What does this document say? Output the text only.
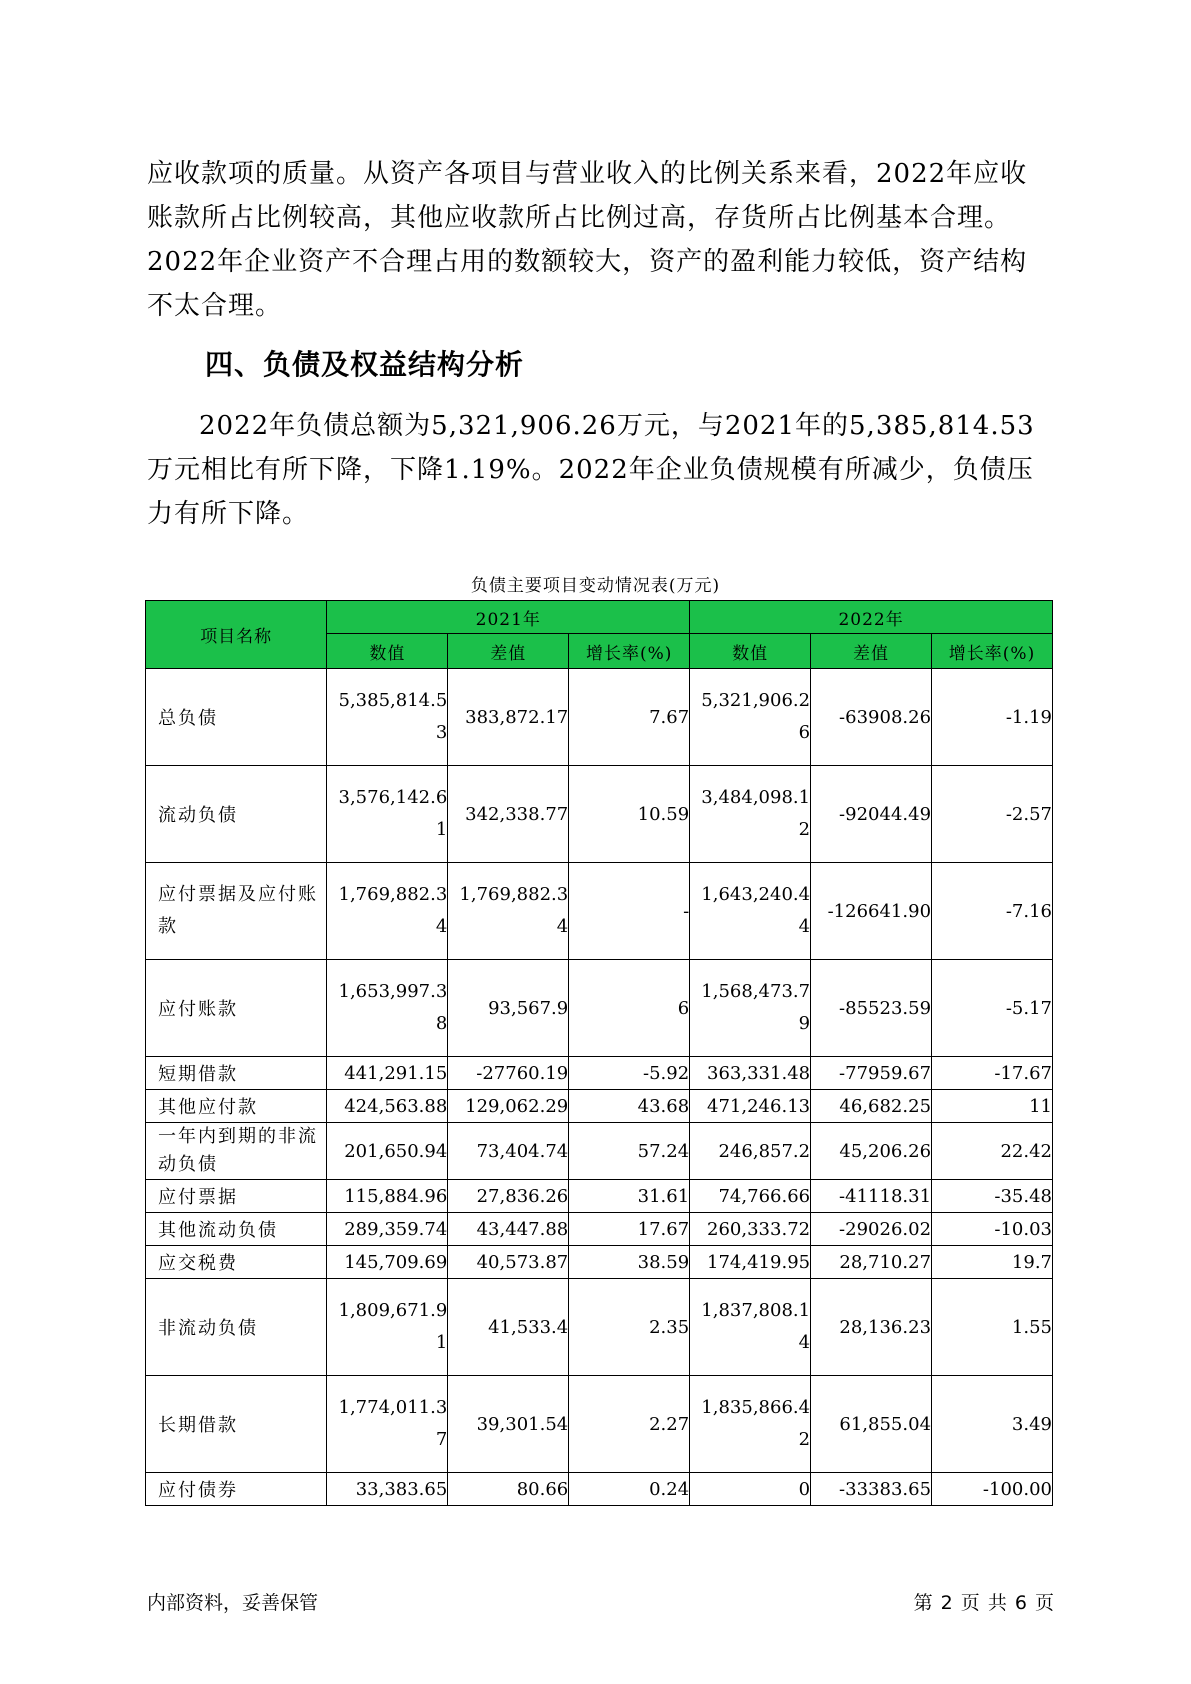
应收款项的质量。从资产各项目与营业收入的比例关系来看，2022年应收账款所占比例较高，其他应收款所占比例过高，存货所占比例基本合理。2022年企业资产不合理占用的数额较大，资产的盈利能力较低，资产结构不太合理。
四、负债及权益结构分析
2022年负债总额为5,321,906.26万元，与2021年的5,385,814.53万元相比有所下降，下降1.19%。2022年企业负债规模有所减少，负债压力有所下降。
负债主要项目变动情况表(万元)
项目名称	2021年			2022年		
	数值	差值	增长率(%)	数值	差值	增长率(%)

总负债	5,385,814.53	383,872.17	7.67	5,321,906.26	-63908.26	-1.19

流动负债	3,576,142.61	342,338.77	10.59	3,484,098.12	-92044.49	-2.57

应付票据及应付账款	1,769,882.34	1,769,882.34	-	1,643,240.44	-126641.90	-7.16

应付账款	1,653,997.38	93,567.9	6	1,568,473.79	-85523.59	-5.17

短期借款	441,291.15	-27760.19	-5.92	363,331.48	-77959.67	-17.67

其他应付款	424,563.88	129,062.29	43.68	471,246.13	46,682.25	11

一年内到期的非流动负债	201,650.94	73,404.74	57.24	246,857.2	45,206.26	22.42

应付票据	115,884.96	27,836.26	31.61	74,766.66	-41118.31	-35.48

其他流动负债	289,359.74	43,447.88	17.67	260,333.72	-29026.02	-10.03

应交税费	145,709.69	40,573.87	38.59	174,419.95	28,710.27	19.7

非流动负债	1,809,671.91	41,533.4	2.35	1,837,808.14	28,136.23	1.55

长期借款	1,774,011.37	39,301.54	2.27	1,835,866.42	61,855.04	3.49

应付债券	33,383.65	80.66	0.24	0	-33383.65	-100.00
内部资料，妥善保管	第 2 页 共 6 页
